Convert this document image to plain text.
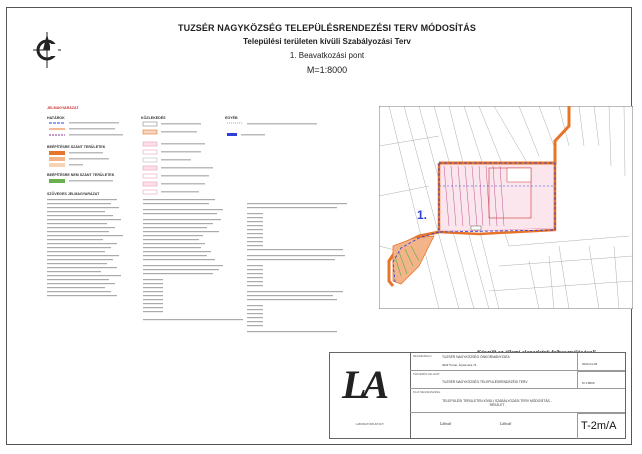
TUZSÉR NAGYKÖZSÉG TELEPÜLÉSRENDEZÉSI TERV MÓDOSÍTÁS
Települési területen kívüli Szabályozási Terv
1. Beavatkozási pont
M=1:8000
JELMAGYARÁZAT
HATÁROK	KÖZLEKEDÉS	EGYÉB
BEÉPÍTÉSRE SZÁNT TERÜLETEK
BEÉPÍTÉSRE NEM SZÁNT TERÜLETEK
SZÖVEGES JELMAGYARÁZAT
1.
LA
LABORATÓRIUM KFT.
MEGRENDELŐ:	TUZSÉR NAGYKÖZSÉG ÖNKORMÁNYZATA
4623 Tuzsér, Árpád utca 73.
TERVEZÉSI FELADAT:
TUZSÉR NAGYKÖZSÉG TELEPÜLÉSRENDEZÉSI TERV
RAJZ MEGNEVEZÉSE:
TELEPÜLÉSI TERÜLETEN KÍVÜLI SZABÁLYOZÁSI TERV MÓDOSÍTÁS - RÉSZLET
Lábodi	Lábodi
2022-01-06
M 1:8000
T-2m/A
